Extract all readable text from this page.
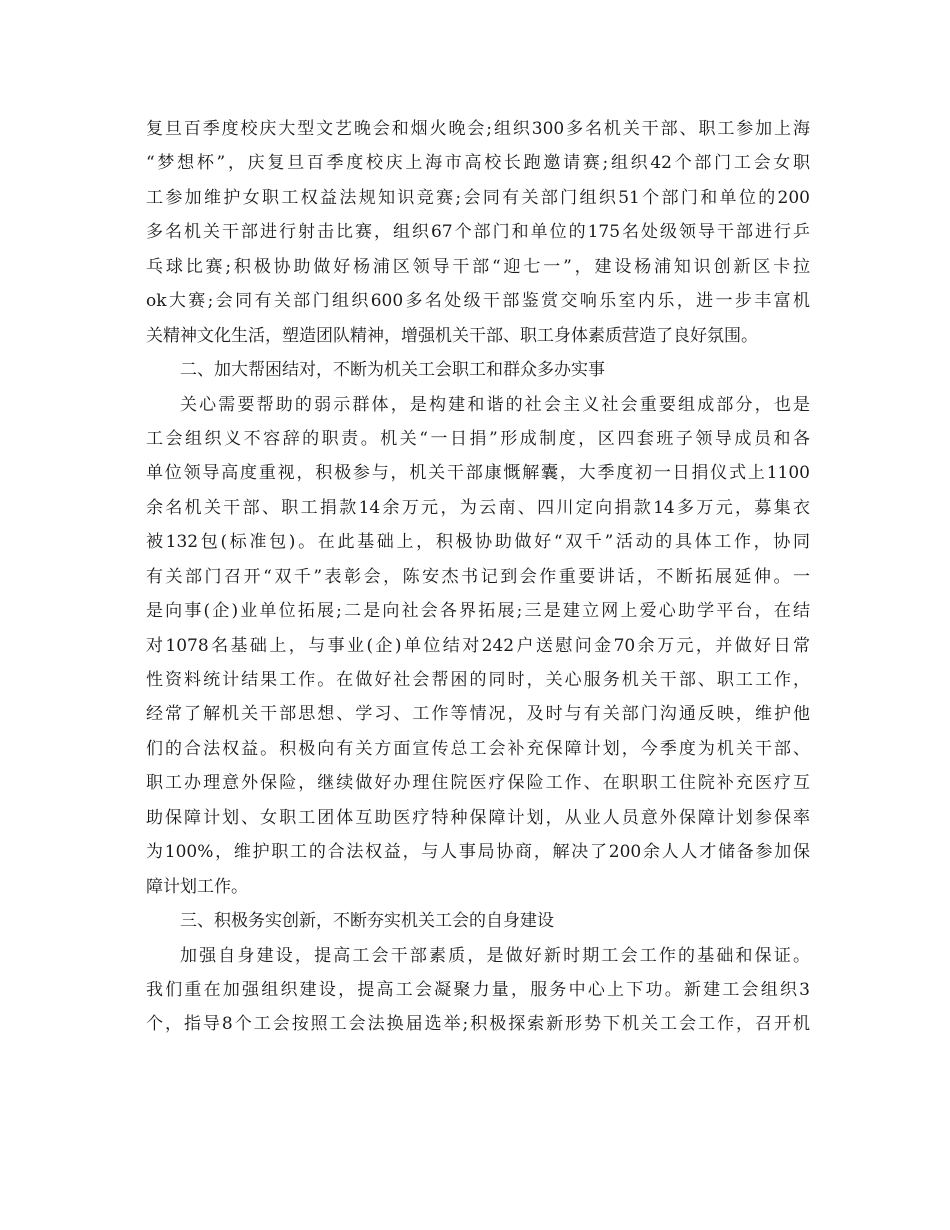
复旦百季度校庆大型文艺晚会和烟火晚会;组织300多名机关干部、职工参加上海
“梦想杯”，庆复旦百季度校庆上海市高校长跑邀请赛;组织42个部门工会女职
工参加维护女职工权益法规知识竞赛;会同有关部门组织51个部门和单位的200
多名机关干部进行射击比赛，组织67个部门和单位的175名处级领导干部进行乒
乓球比赛;积极协助做好杨浦区领导干部“迎七一”，建设杨浦知识创新区卡拉
ok大赛;会同有关部门组织600多名处级干部鉴赏交响乐室内乐，进一步丰富机
关精神文化生活，塑造团队精神，增强机关干部、职工身体素质营造了良好氛围。
二、加大帮困结对，不断为机关工会职工和群众多办实事
关心需要帮助的弱示群体，是构建和谐的社会主义社会重要组成部分，也是
工会组织义不容辞的职责。机关“一日捐”形成制度，区四套班子领导成员和各
单位领导高度重视，积极参与，机关干部康慨解囊，大季度初一日捐仪式上1100
余名机关干部、职工捐款14余万元，为云南、四川定向捐款14多万元，募集衣
被132包(标准包)。在此基础上，积极协助做好“双千”活动的具体工作，协同
有关部门召开“双千”表彰会，陈安杰书记到会作重要讲话，不断拓展延伸。一
是向事(企)业单位拓展;二是向社会各界拓展;三是建立网上爱心助学平台，在结
对1078名基础上，与事业(企)单位结对242户送慰问金70余万元，并做好日常
性资料统计结果工作。在做好社会帮困的同时，关心服务机关干部、职工工作，
经常了解机关干部思想、学习、工作等情况，及时与有关部门沟通反映，维护他
们的合法权益。积极向有关方面宣传总工会补充保障计划，今季度为机关干部、
职工办理意外保险，继续做好办理住院医疗保险工作、在职职工住院补充医疗互
助保障计划、女职工团体互助医疗特种保障计划，从业人员意外保障计划参保率
为100%，维护职工的合法权益，与人事局协商，解决了200余人人才储备参加保
障计划工作。
三、积极务实创新，不断夯实机关工会的自身建设
加强自身建设，提高工会干部素质，是做好新时期工会工作的基础和保证。
我们重在加强组织建设，提高工会凝聚力量，服务中心上下功。新建工会组织3
个，指导8个工会按照工会法换届选举;积极探索新形势下机关工会工作，召开机
